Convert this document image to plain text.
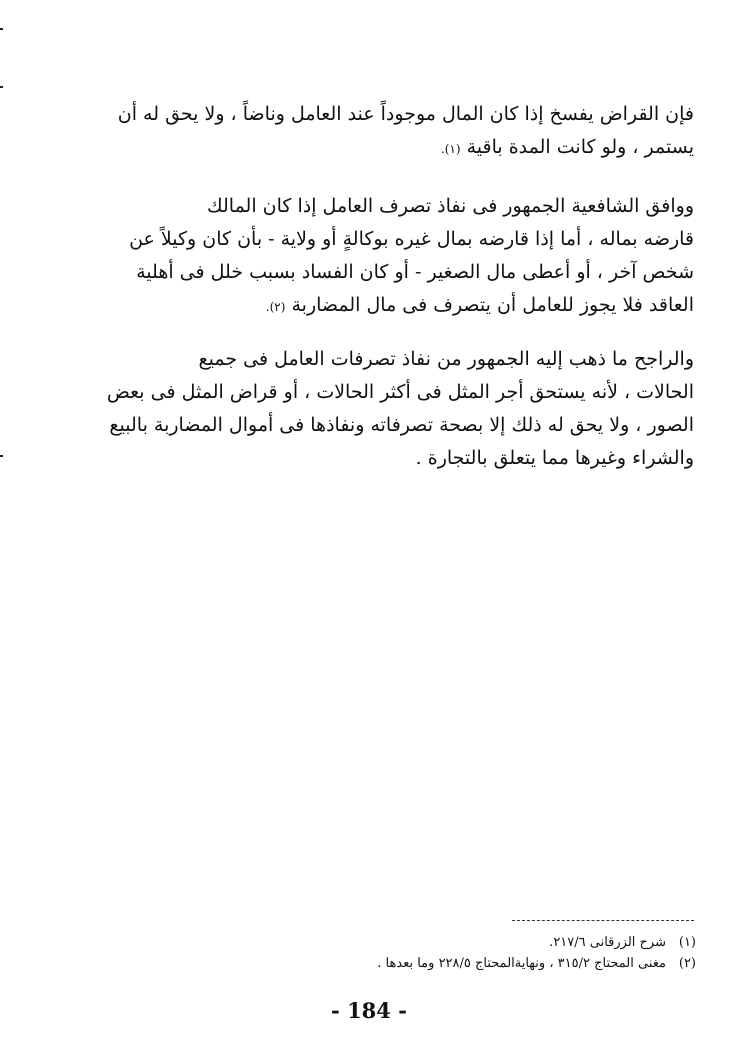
فإن القراض يفسخ إذا كان المال موجوداً عند العامل وناضاً ، ولا يحق له أن
يستمر ، ولو كانت المدة باقية (١).
ووافق الشافعية الجمهور فى نفاذ تصرف العامل إذا كان المالك
قارضه بماله ، أما إذا قارضه بمال غيره بوكالةٍ أو ولاية - بأن كان وكيلاً عن
شخص آخر ، أو أعطى مال الصغير - أو كان الفساد بسبب خلل فى أهلية
العاقد فلا يجوز للعامل أن يتصرف فى مال المضاربة (٢).
والراجح ما ذهب إليه الجمهور من نفاذ تصرفات العامل فى جميع
الحالات ، لأنه يستحق أجر المثل فى أكثر الحالات ، أو قراض المثل فى بعض
الصور ، ولا يحق له ذلك إلا بصحة تصرفاته ونفاذها فى أموال المضاربة بالبيع
والشراء وغيرها مما يتعلق بالتجارة .
(١)شرح الزرقانى ٢١٧/٦.
(٢)مغنى المحتاج ٣١٥/٢ ، ونهايةالمحتاج ٢٢٨/٥ وما بعدها .
- 184 -
